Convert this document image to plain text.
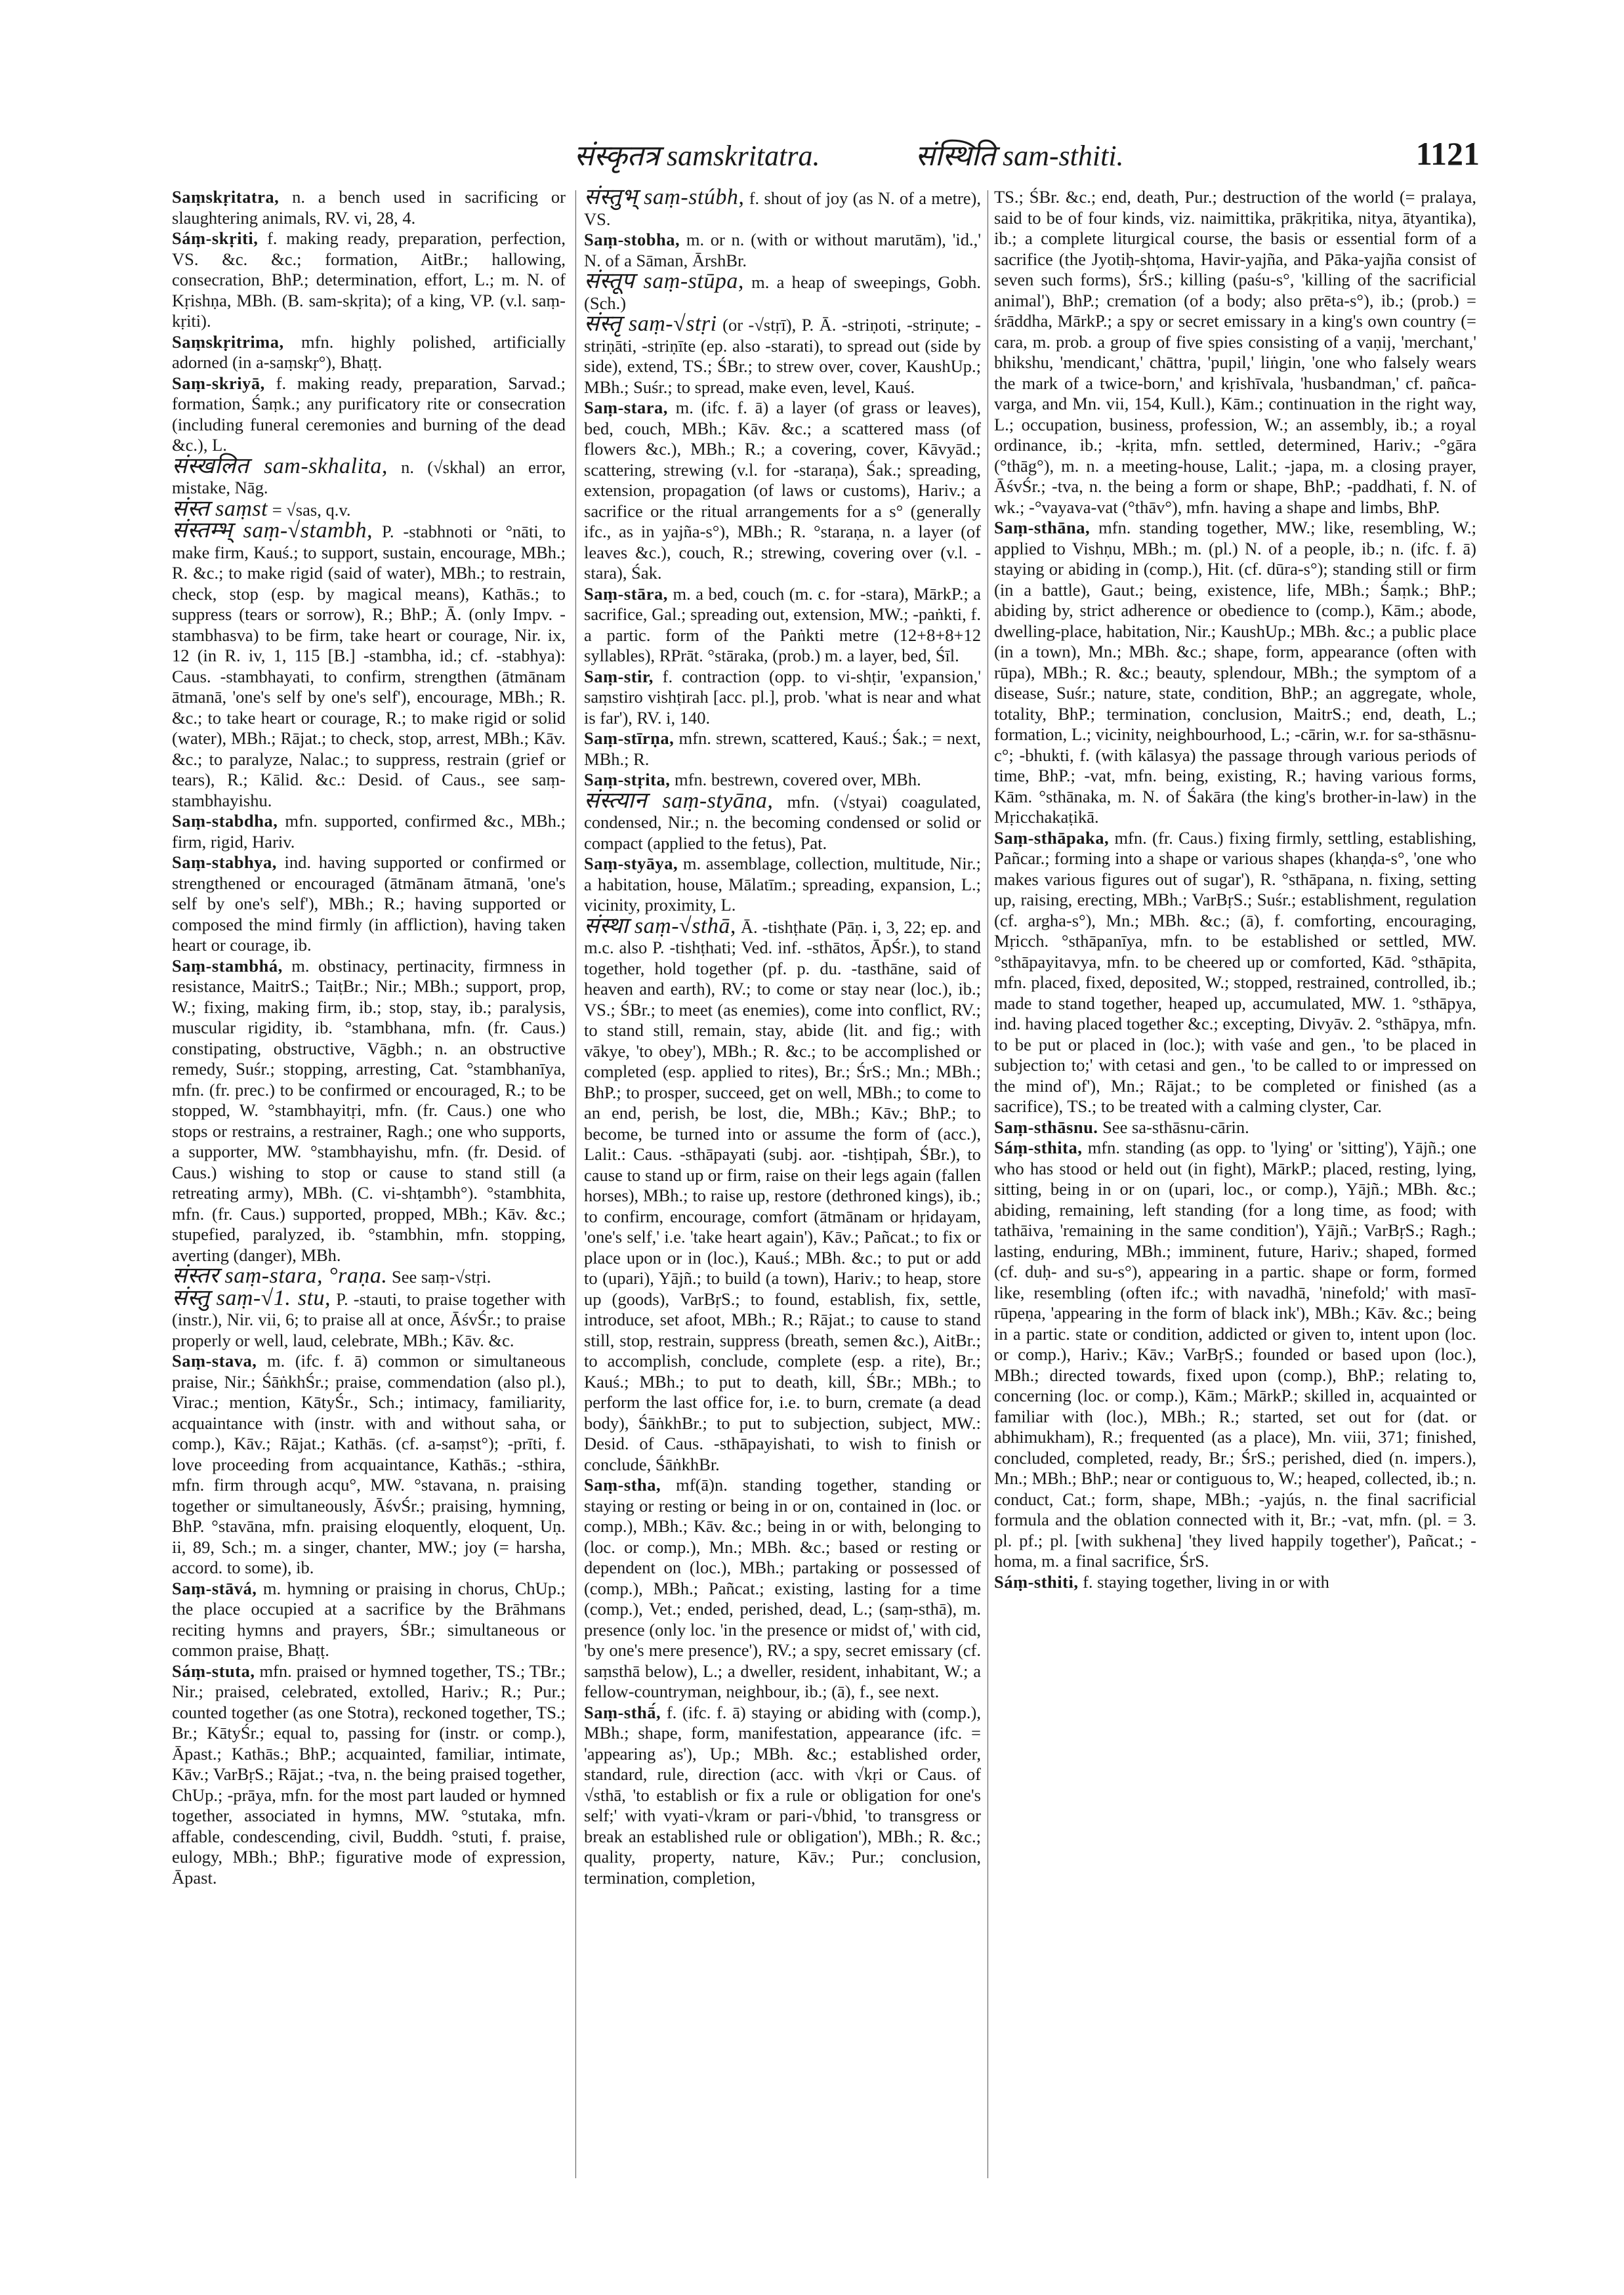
संस्कृतत्र samskritatra.	संस्थिति sam-sthiti.	1121

Saṃskṛitatra, n. a bench used in sacrificing or slaughtering animals, RV. vi, 28, 4.

Sáṃ-skṛiti, f. making ready, preparation, perfection, VS. &c. &c.; formation, AitBr.; hallowing, consecration, BhP.; determination, effort, L.; m. N. of Kṛishṇa, MBh. (B. sam-skṛita); of a king, VP. (v.l. saṃ-kṛiti).

Saṃskṛitrima, mfn. highly polished, artificially adorned (in a-saṃskṛ°), Bhaṭṭ.

Saṃ-skriyā, f. making ready, preparation, Sarvad.; formation, Śaṃk.; any purificatory rite or consecration (including funeral ceremonies and burning of the dead &c.), L.

संस्खलित sam-skhalita, n. (√skhal) an error, mistake, Nāg.

संस्त saṃst = √sas, q.v.

संस्तम्भ् saṃ-√stambh, P. -stabhnoti or °nāti, to make firm, Kauś.; to support, sustain, encourage, MBh.; R. &c.; to make rigid (said of water), MBh.; to restrain, check, stop (esp. by magical means), Kathās.; to suppress (tears or sorrow), R.; BhP.; Ā. (only Impv. -stambhasva) to be firm, take heart or courage, Nir. ix, 12 (in R. iv, 1, 115 [B.] -stambha, id.; cf. -stabhya): Caus. -stambhayati, to confirm, strengthen (ātmānam ātmanā, 'one's self by one's self'), encourage, MBh.; R. &c.; to take heart or courage, R.; to make rigid or solid (water), MBh.; Rājat.; to check, stop, arrest, MBh.; Kāv. &c.; to paralyze, Nalac.; to suppress, restrain (grief or tears), R.; Kālid. &c.: Desid. of Caus., see saṃ-stambhayishu.

Saṃ-stabdha, mfn. supported, confirmed &c., MBh.; firm, rigid, Hariv.

Saṃ-stabhya, ind. having supported or confirmed or strengthened or encouraged (ātmānam ātmanā, 'one's self by one's self'), MBh.; R.; having supported or composed the mind firmly (in affliction), having taken heart or courage, ib.

Saṃ-stambhá, m. obstinacy, pertinacity, firmness in resistance, MaitrS.; TaiṭBr.; Nir.; MBh.; support, prop, W.; fixing, making firm, ib.; stop, stay, ib.; paralysis, muscular rigidity, ib. °stambhana, mfn. (fr. Caus.) constipating, obstructive, Vāgbh.; n. an obstructive remedy, Suśr.; stopping, arresting, Cat. °stambhanīya, mfn. (fr. prec.) to be confirmed or encouraged, R.; to be stopped, W. °stambhayitṛi, mfn. (fr. Caus.) one who stops or restrains, a restrainer, Ragh.; one who supports, a supporter, MW. °stambhayishu, mfn. (fr. Desid. of Caus.) wishing to stop or cause to stand still (a retreating army), MBh. (C. vi-shṭambh°). °stambhita, mfn. (fr. Caus.) supported, propped, MBh.; Kāv. &c.; stupefied, paralyzed, ib. °stambhin, mfn. stopping, averting (danger), MBh.

संस्तर saṃ-stara, °raṇa. See saṃ-√stṛi.

संस्तु saṃ-√1. stu, P. -stauti, to praise together with (instr.), Nir. vii, 6; to praise all at once, ĀśvŚr.; to praise properly or well, laud, celebrate, MBh.; Kāv. &c.

Saṃ-stava, m. (ifc. f. ā) common or simultaneous praise, Nir.; ŚāṅkhŚr.; praise, commendation (also pl.), Virac.; mention, KātyŚr., Sch.; intimacy, familiarity, acquaintance with (instr. with and without saha, or comp.), Kāv.; Rājat.; Kathās. (cf. a-saṃst°); -prīti, f. love proceeding from acquaintance, Kathās.; -sthira, mfn. firm through acqu°, MW. °stavana, n. praising together or simultaneously, ĀśvŚr.; praising, hymning, BhP. °stavāna, mfn. praising eloquently, eloquent, Uṇ. ii, 89, Sch.; m. a singer, chanter, MW.; joy (= harsha, accord. to some), ib.

Saṃ-stāvá, m. hymning or praising in chorus, ChUp.; the place occupied at a sacrifice by the Brāhmans reciting hymns and prayers, ŚBr.; simultaneous or common praise, Bhaṭṭ.

Sáṃ-stuta, mfn. praised or hymned together, TS.; TBr.; Nir.; praised, celebrated, extolled, Hariv.; R.; Pur.; counted together (as one Stotra), reckoned together, TS.; Br.; KātyŚr.; equal to, passing for (instr. or comp.), Āpast.; Kathās.; BhP.; acquainted, familiar, intimate, Kāv.; VarBṛS.; Rājat.; -tva, n. the being praised together, ChUp.; -prāya, mfn. for the most part lauded or hymned together, associated in hymns, MW. °stutaka, mfn. affable, condescending, civil, Buddh. °stuti, f. praise, eulogy, MBh.; BhP.; figurative mode of expression, Āpast.

संस्तुभ् saṃ-stúbh, f. shout of joy (as N. of a metre), VS.

Saṃ-stobha, m. or n. (with or without marutām), 'id.,' N. of a Sāman, ĀrshBr.

संस्तूप saṃ-stūpa, m. a heap of sweepings, Gobh. (Sch.)

संस्तृ saṃ-√stṛi (or -√stṛī), P. Ā. -striṇoti, -striṇute; -striṇāti, -striṇīte (ep. also -starati), to spread out (side by side), extend, TS.; ŚBr.; to strew over, cover, KaushUp.; MBh.; Suśr.; to spread, make even, level, Kauś.

Saṃ-stara, m. (ifc. f. ā) a layer (of grass or leaves), bed, couch, MBh.; Kāv. &c.; a scattered mass (of flowers &c.), MBh.; R.; a covering, cover, Kāvyād.; scattering, strewing (v.l. for -staraṇa), Śak.; spreading, extension, propagation (of laws or customs), Hariv.; a sacrifice or the ritual arrangements for a s° (generally ifc., as in yajña-s°), MBh.; R. °staraṇa, n. a layer (of leaves &c.), couch, R.; strewing, covering over (v.l. -stara), Śak.

Saṃ-stāra, m. a bed, couch (m. c. for -stara), MārkP.; a sacrifice, Gal.; spreading out, extension, MW.; -paṅkti, f. a partic. form of the Paṅkti metre (12+8+8+12 syllables), RPrāt. °stāraka, (prob.) m. a layer, bed, Śīl.

Saṃ-stir, f. contraction (opp. to vi-shṭir, 'expansion,' saṃstiro vishṭirah [acc. pl.], prob. 'what is near and what is far'), RV. i, 140.

Saṃ-stīrṇa, mfn. strewn, scattered, Kauś.; Śak.; = next, MBh.; R.

Saṃ-stṛita, mfn. bestrewn, covered over, MBh.

संस्त्यान saṃ-styāna, mfn. (√styai) coagulated, condensed, Nir.; n. the becoming condensed or solid or compact (applied to the fetus), Pat.

Saṃ-styāya, m. assemblage, collection, multitude, Nir.; a habitation, house, Mālatīm.; spreading, expansion, L.; vicinity, proximity, L.

संस्था saṃ-√sthā, Ā. -tishṭhate (Pāṇ. i, 3, 22; ep. and m.c. also P. -tishṭhati; Ved. inf. -sthātos, ĀpŚr.), to stand together, hold together (pf. p. du. -tasthāne, said of heaven and earth), RV.; to come or stay near (loc.), ib.; VS.; ŚBr.; to meet (as enemies), come into conflict, RV.; to stand still, remain, stay, abide (lit. and fig.; with vākye, 'to obey'), MBh.; R. &c.; to be accomplished or completed (esp. applied to rites), Br.; ŚrS.; Mn.; MBh.; BhP.; to prosper, succeed, get on well, MBh.; to come to an end, perish, be lost, die, MBh.; Kāv.; BhP.; to become, be turned into or assume the form of (acc.), Lalit.: Caus. -sthāpayati (subj. aor. -tishṭipah, ŚBr.), to cause to stand up or firm, raise on their legs again (fallen horses), MBh.; to raise up, restore (dethroned kings), ib.; to confirm, encourage, comfort (ātmānam or hṛidayam, 'one's self,' i.e. 'take heart again'), Kāv.; Pañcat.; to fix or place upon or in (loc.), Kauś.; MBh. &c.; to put or add to (upari), Yājñ.; to build (a town), Hariv.; to heap, store up (goods), VarBṛS.; to found, establish, fix, settle, introduce, set afoot, MBh.; R.; Rājat.; to cause to stand still, stop, restrain, suppress (breath, semen &c.), AitBr.; to accomplish, conclude, complete (esp. a rite), Br.; Kauś.; MBh.; to put to death, kill, ŚBr.; MBh.; to perform the last office for, i.e. to burn, cremate (a dead body), ŚāṅkhBr.; to put to subjection, subject, MW.: Desid. of Caus. -sthāpayishati, to wish to finish or conclude, ŚāṅkhBr.

Saṃ-stha, mf(ā)n. standing together, standing or staying or resting or being in or on, contained in (loc. or comp.), MBh.; Kāv. &c.; being in or with, belonging to (loc. or comp.), Mn.; MBh. &c.; based or resting or dependent on (loc.), MBh.; partaking or possessed of (comp.), MBh.; Pañcat.; existing, lasting for a time (comp.), Vet.; ended, perished, dead, L.; (saṃ-sthā), m. presence (only loc. 'in the presence or midst of,' with cid, 'by one's mere presence'), RV.; a spy, secret emissary (cf. saṃsthā below), L.; a dweller, resident, inhabitant, W.; a fellow-countryman, neighbour, ib.; (ā), f., see next.

Saṃ-sthā́, f. (ifc. f. ā) staying or abiding with (comp.), MBh.; shape, form, manifestation, appearance (ifc. = 'appearing as'), Up.; MBh. &c.; established order, standard, rule, direction (acc. with √kṛi or Caus. of √sthā, 'to establish or fix a rule or obligation for one's self;' with vyati-√kram or pari-√bhid, 'to transgress or break an established rule or obligation'), MBh.; R. &c.; quality, property, nature, Kāv.; Pur.; conclusion, termination, completion,

TS.; ŚBr. &c.; end, death, Pur.; destruction of the world (= pralaya, said to be of four kinds, viz. naimittika, prākṛitika, nitya, ātyantika), ib.; a complete liturgical course, the basis or essential form of a sacrifice (the Jyotiḥ-shṭoma, Havir-yajña, and Pāka-yajña consist of seven such forms), ŚrS.; killing (paśu-s°, 'killing of the sacrificial animal'), BhP.; cremation (of a body; also prēta-s°), ib.; (prob.) = śrāddha, MārkP.; a spy or secret emissary in a king's own country (= cara, m. prob. a group of five spies consisting of a vaṇij, 'merchant,' bhikshu, 'mendicant,' chāttra, 'pupil,' liṅgin, 'one who falsely wears the mark of a twice-born,' and kṛishīvala, 'husbandman,' cf. pañca-varga, and Mn. vii, 154, Kull.), Kām.; continuation in the right way, L.; occupation, business, profession, W.; an assembly, ib.; a royal ordinance, ib.; -kṛita, mfn. settled, determined, Hariv.; -°gāra (°thāg°), m. n. a meeting-house, Lalit.; -japa, m. a closing prayer, ĀśvŚr.; -tva, n. the being a form or shape, BhP.; -paddhati, f. N. of wk.; -°vayava-vat (°thāv°), mfn. having a shape and limbs, BhP.

Saṃ-sthāna, mfn. standing together, MW.; like, resembling, W.; applied to Vishṇu, MBh.; m. (pl.) N. of a people, ib.; n. (ifc. f. ā) staying or abiding in (comp.), Hit. (cf. dūra-s°); standing still or firm (in a battle), Gaut.; being, existence, life, MBh.; Śaṃk.; BhP.; abiding by, strict adherence or obedience to (comp.), Kām.; abode, dwelling-place, habitation, Nir.; KaushUp.; MBh. &c.; a public place (in a town), Mn.; MBh. &c.; shape, form, appearance (often with rūpa), MBh.; R. &c.; beauty, splendour, MBh.; the symptom of a disease, Suśr.; nature, state, condition, BhP.; an aggregate, whole, totality, BhP.; termination, conclusion, MaitrS.; end, death, L.; formation, L.; vicinity, neighbourhood, L.; -cārin, w.r. for sa-sthāsnu-c°; -bhukti, f. (with kālasya) the passage through various periods of time, BhP.; -vat, mfn. being, existing, R.; having various forms, Kām. °sthānaka, m. N. of Śakāra (the king's brother-in-law) in the Mṛicchakaṭikā.

Saṃ-sthāpaka, mfn. (fr. Caus.) fixing firmly, settling, establishing, Pañcar.; forming into a shape or various shapes (khaṇḍa-s°, 'one who makes various figures out of sugar'), R. °sthāpana, n. fixing, setting up, raising, erecting, MBh.; VarBṛS.; Suśr.; establishment, regulation (cf. argha-s°), Mn.; MBh. &c.; (ā), f. comforting, encouraging, Mṛicch. °sthāpanīya, mfn. to be established or settled, MW. °sthāpayitavya, mfn. to be cheered up or comforted, Kād. °sthāpita, mfn. placed, fixed, deposited, W.; stopped, restrained, controlled, ib.; made to stand together, heaped up, accumulated, MW. 1. °sthāpya, ind. having placed together &c.; excepting, Divyāv. 2. °sthāpya, mfn. to be put or placed in (loc.); with vaśe and gen., 'to be placed in subjection to;' with cetasi and gen., 'to be called to or impressed on the mind of'), Mn.; Rājat.; to be completed or finished (as a sacrifice), TS.; to be treated with a calming clyster, Car.

Saṃ-sthāsnu. See sa-sthāsnu-cārin.

Sáṃ-sthita, mfn. standing (as opp. to 'lying' or 'sitting'), Yājñ.; one who has stood or held out (in fight), MārkP.; placed, resting, lying, sitting, being in or on (upari, loc., or comp.), Yājñ.; MBh. &c.; abiding, remaining, left standing (for a long time, as food; with tathāiva, 'remaining in the same condition'), Yājñ.; VarBṛS.; Ragh.; lasting, enduring, MBh.; imminent, future, Hariv.; shaped, formed (cf. duḥ- and su-s°), appearing in a partic. shape or form, formed like, resembling (often ifc.; with navadhā, 'ninefold;' with masī-rūpeṇa, 'appearing in the form of black ink'), MBh.; Kāv. &c.; being in a partic. state or condition, addicted or given to, intent upon (loc. or comp.), Hariv.; Kāv.; VarBṛS.; founded or based upon (loc.), MBh.; directed towards, fixed upon (comp.), BhP.; relating to, concerning (loc. or comp.), Kām.; MārkP.; skilled in, acquainted or familiar with (loc.), MBh.; R.; started, set out for (dat. or abhimukham), R.; frequented (as a place), Mn. viii, 371; finished, concluded, completed, ready, Br.; ŚrS.; perished, died (n. impers.), Mn.; MBh.; BhP.; near or contiguous to, W.; heaped, collected, ib.; n. conduct, Cat.; form, shape, MBh.; -yajús, n. the final sacrificial formula and the oblation connected with it, Br.; -vat, mfn. (pl. = 3. pl. pf.; pl. [with sukhena] 'they lived happily together'), Pañcat.; -homa, m. a final sacrifice, ŚrS.

Sáṃ-sthiti, f. staying together, living in or with
